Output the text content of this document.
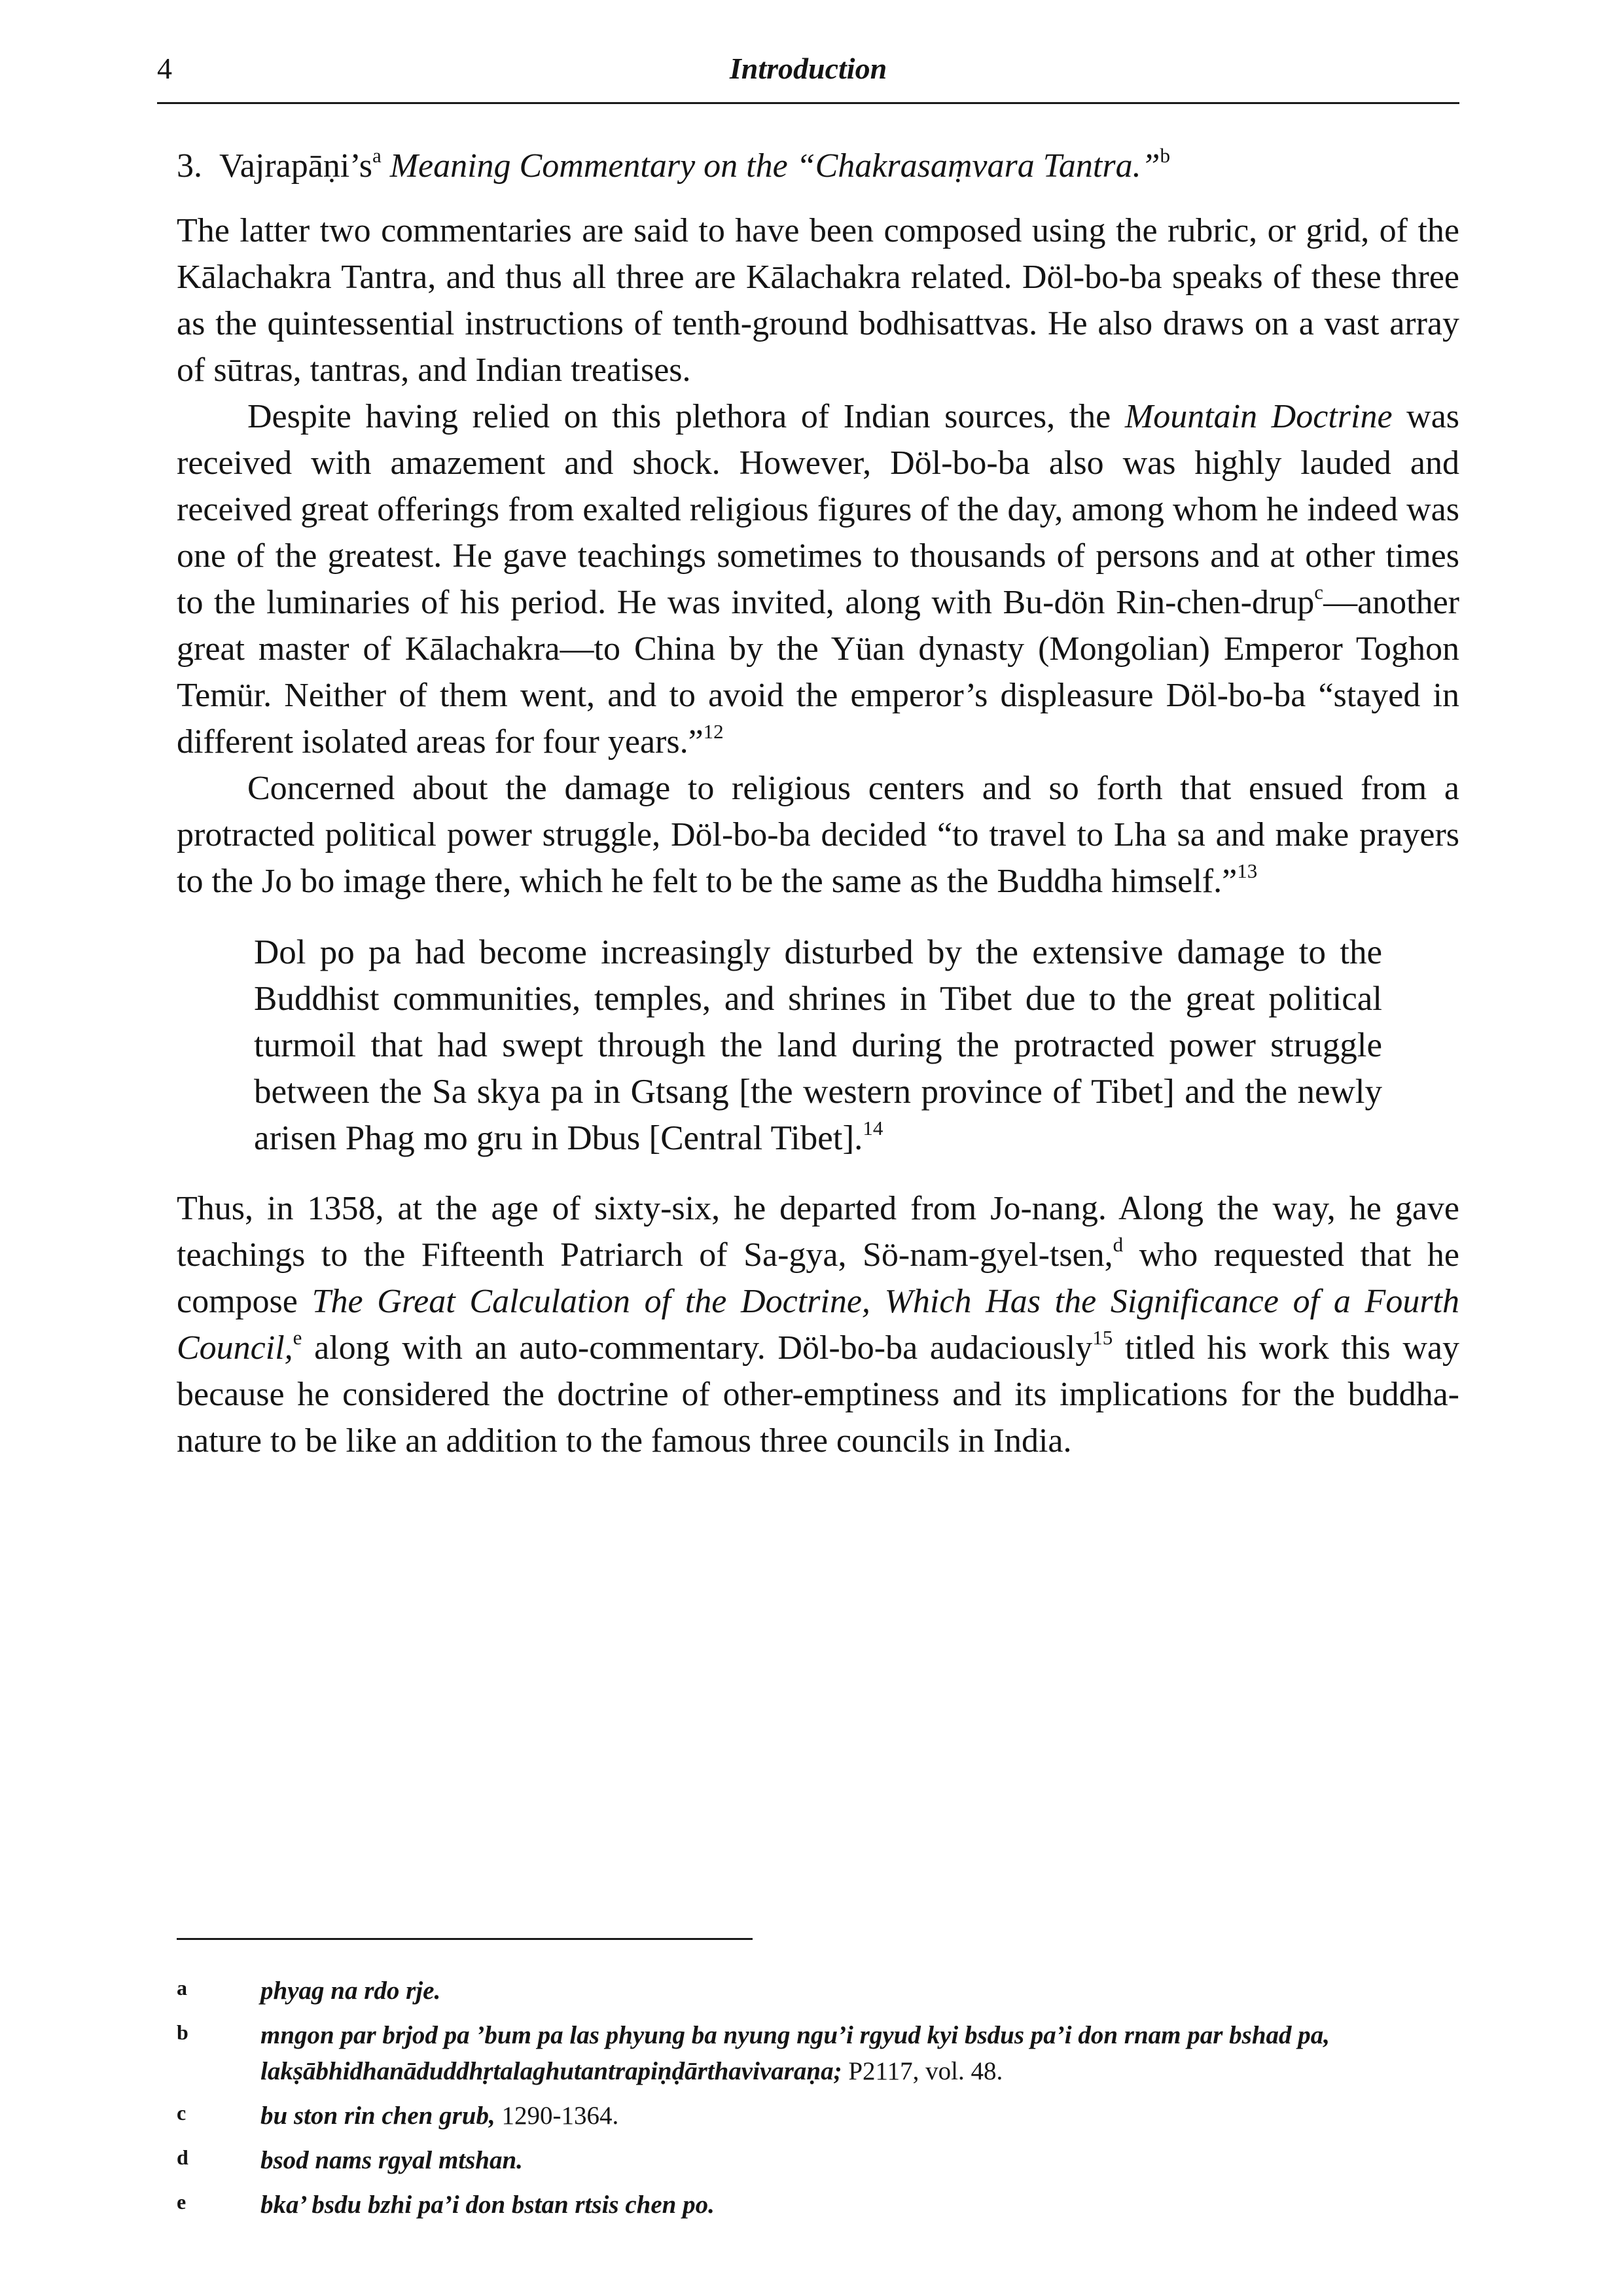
4	Introduction

3. $Vajrapāṇi’s^a$ Meaning Commentary on the “Chakrasaṃvara Tantra.”$^b$

The latter two commentaries are said to have been composed using the rubric, or grid, of the Kālachakra Tantra, and thus all three are Kālachakra related. Döl-bo-ba speaks of these three as the quintessential instructions of tenth-ground bodhisattvas. He also draws on a vast array of sūtras, tantras, and Indian treatises.

Despite having relied on this plethora of Indian sources, the Mountain Doctrine was received with amazement and shock. However, Döl-bo-ba also was highly lauded and received great offerings from exalted religious figures of the day, among whom he indeed was one of the greatest. He gave teachings sometimes to thousands of persons and at other times to the luminaries of his period. He was invited, along with Bu-dön Rin-chen-drup$^c$—another great master of Kālachakra—to China by the Yüan dynasty (Mongolian) Emperor Toghon Temür. Neither of them went, and to avoid the emperor’s displeasure Döl-bo-ba “stayed in different isolated areas for four years.”$^{12}$

Concerned about the damage to religious centers and so forth that ensued from a protracted political power struggle, Döl-bo-ba decided “to travel to Lha sa and make prayers to the Jo bo image there, which he felt to be the same as the Buddha himself.”$^{13}$

Dol po pa had become increasingly disturbed by the extensive damage to the Buddhist communities, temples, and shrines in Tibet due to the great political turmoil that had swept through the land during the protracted power struggle between the Sa skya pa in Gtsang [the western province of Tibet] and the newly arisen Phag mo gru in Dbus [Central Tibet].$^{14}$

Thus, in 1358, at the age of sixty-six, he departed from Jo-nang. Along the way, he gave teachings to the Fifteenth Patriarch of Sa-gya, Sö-nam-gyel-tsen,$^d$ who requested that he compose The Great Calculation of the Doctrine, Which Has the Significance of a Fourth Council,$^e$ along with an auto-commentary. Döl-bo-ba audaciously$^{15}$ titled his work this way because he considered the doctrine of other-emptiness and its implications for the buddha-nature to be like an addition to the famous three councils in India.

a	phyag na rdo rje.
b	mngon par brjod pa ’bum pa las phyung ba nyung ngu’i rgyud kyi bsdus pa’i don rnam par bshad pa, lakṣābhidhanāduddhṛtalaghutantrapiṇḍārthavivaraṇa; P2117, vol. 48.
c	bu ston rin chen grub, 1290-1364.
d	bsod nams rgyal mtshan.
e	bka’ bsdu bzhi pa’i don bstan rtsis chen po.
